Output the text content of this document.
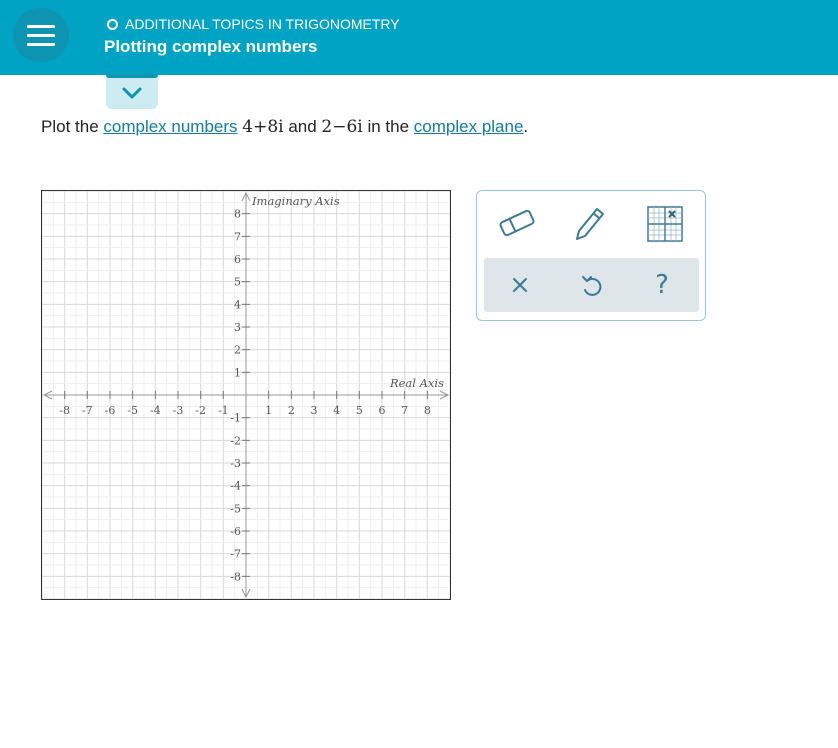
ADDITIONAL TOPICS IN TRIGONOMETRY
Plotting complex numbers
Plot the complex numbers 4+8i and 2−6i in the complex plane.
-8 -7 -6 -5 -4 -3 -2 -1	1 2 3 4 5 6 7 8
8
7
6
5
4
3
2
1
-1
-2
-3
-4
-5
-6
-7
-8
Imaginary Axis
Real Axis
?
